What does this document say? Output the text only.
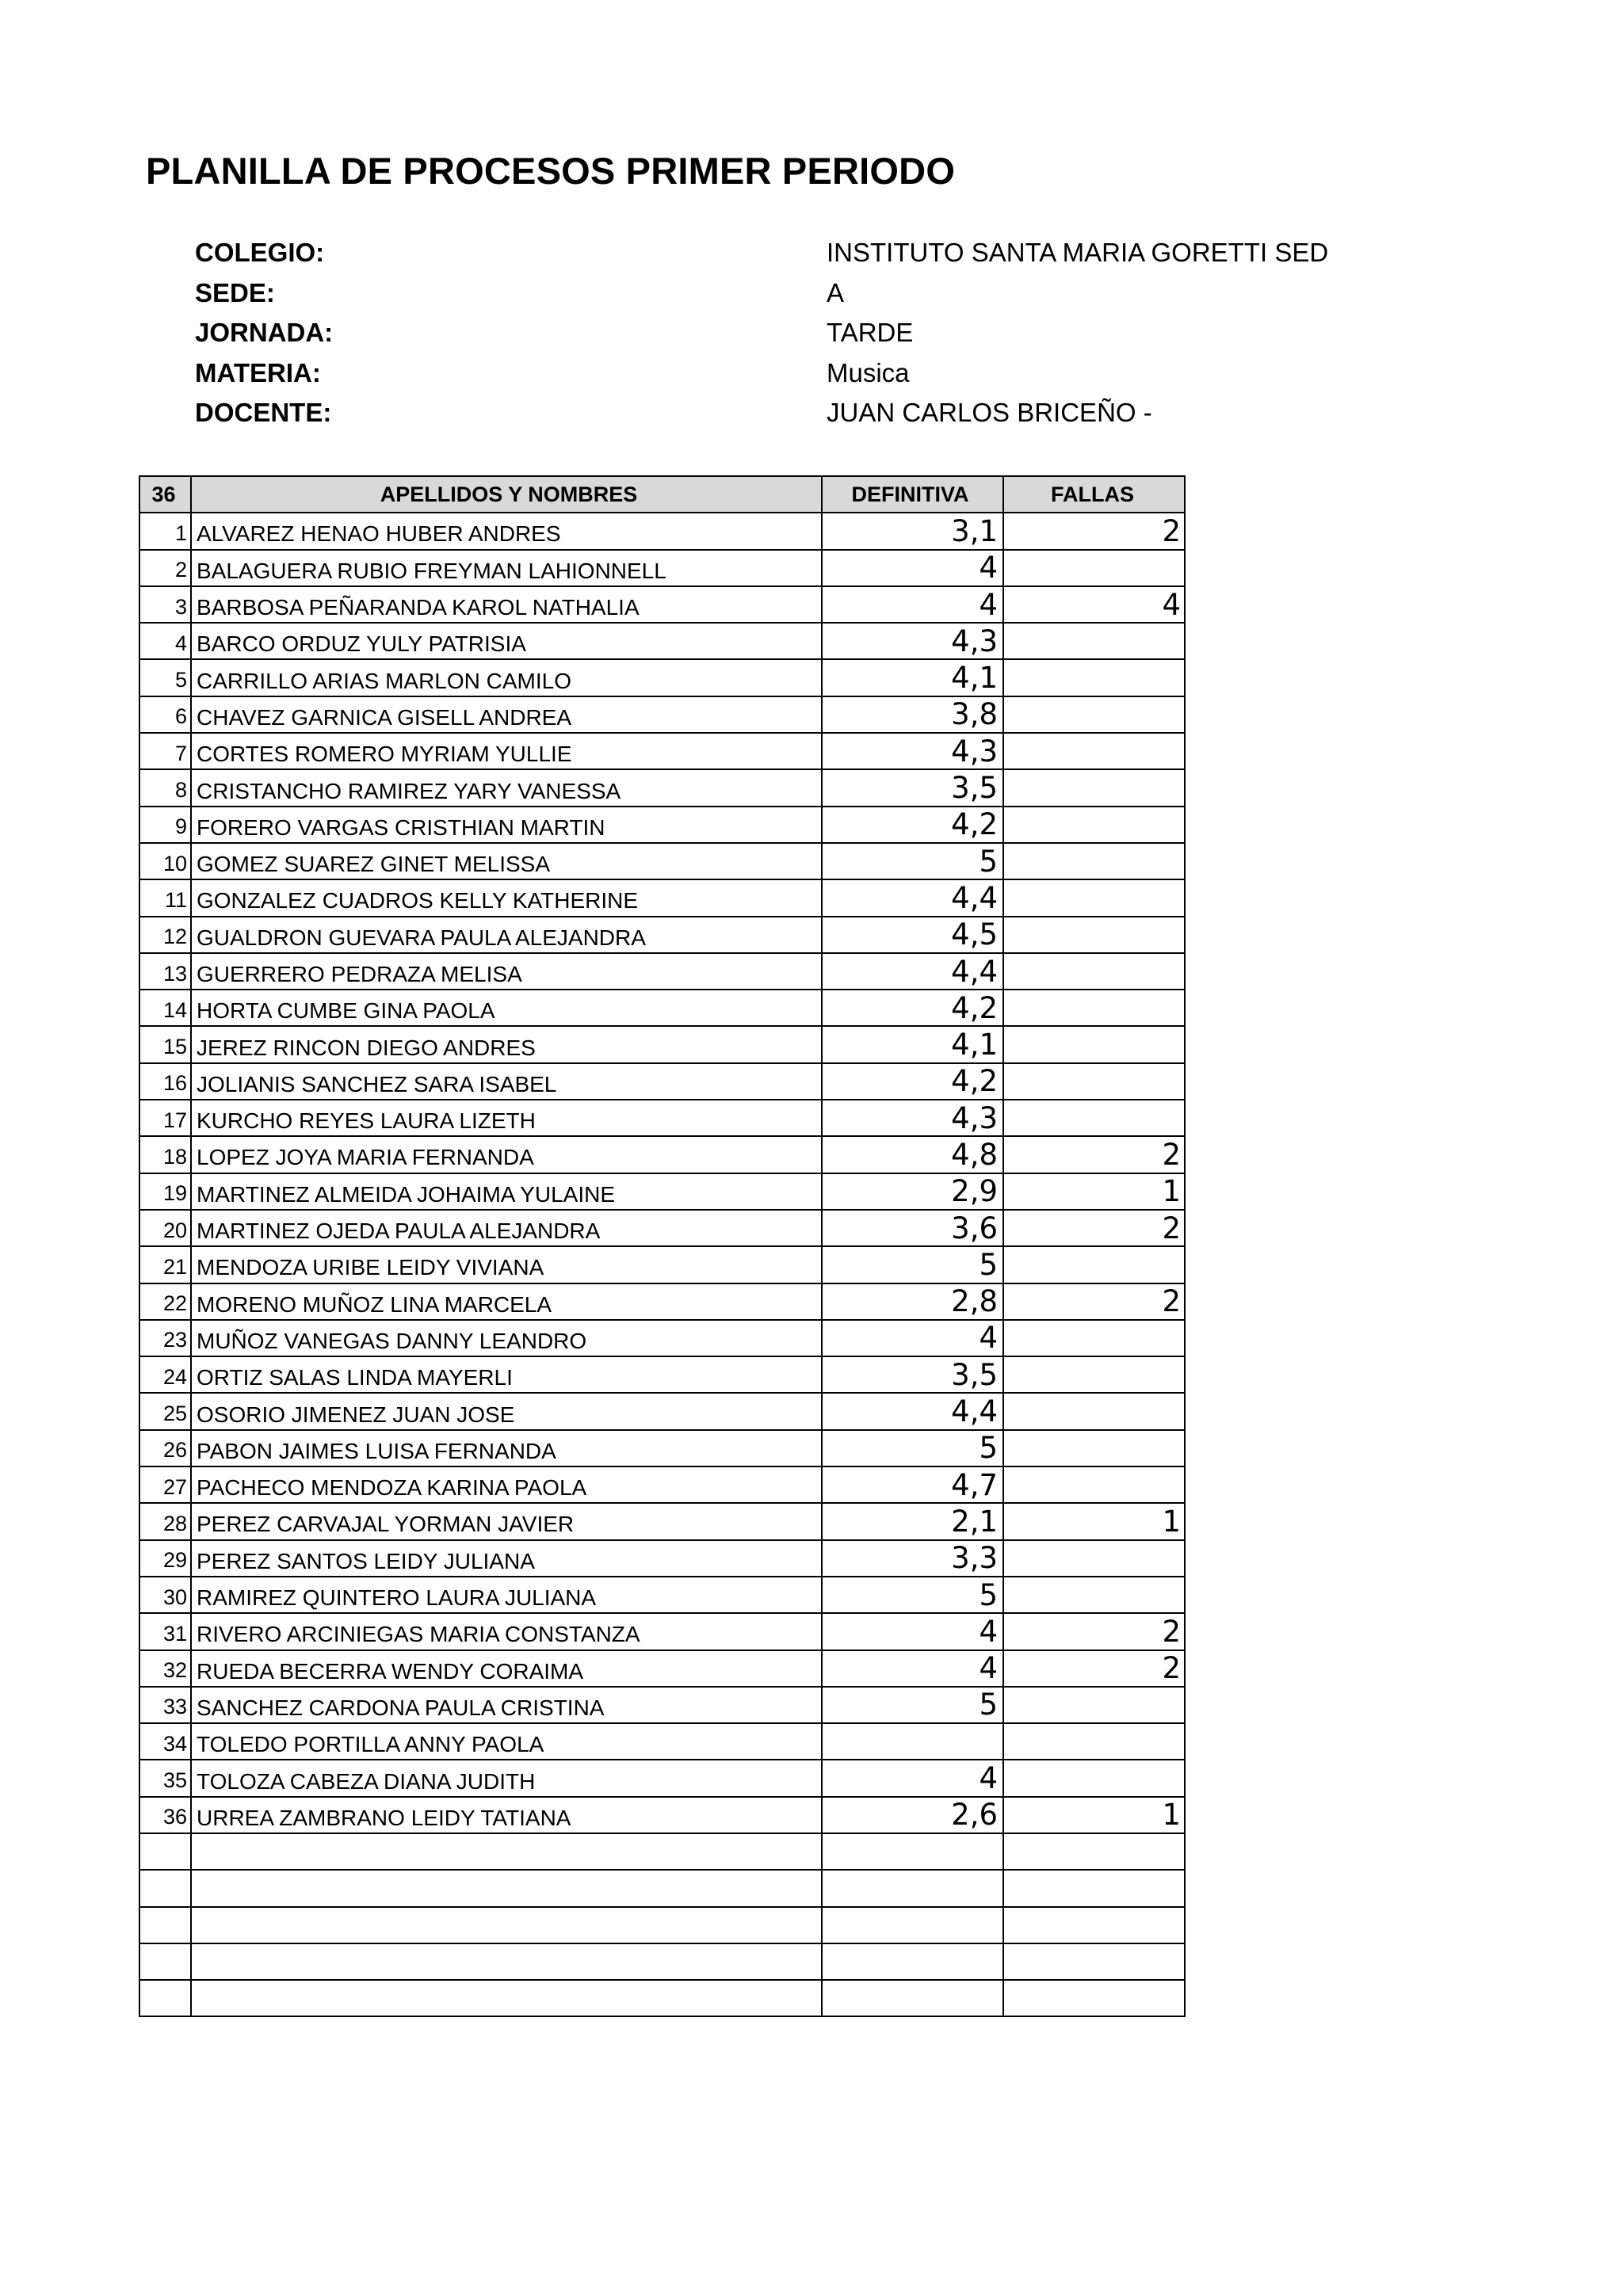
PLANILLA DE PROCESOS PRIMER PERIODO
COLEGIO:	INSTITUTO SANTA MARIA GORETTI SED
SEDE:	A
JORNADA:	TARDE
MATERIA:	Musica
DOCENTE:	JUAN CARLOS BRICEÑO -
36	APELLIDOS Y NOMBRES	DEFINITIVA	FALLAS
1	ALVAREZ HENAO HUBER ANDRES	3,1	2
2	BALAGUERA RUBIO FREYMAN LAHIONNELL	4	
3	BARBOSA PEÑARANDA KAROL NATHALIA	4	4
4	BARCO ORDUZ YULY PATRISIA	4,3	
5	CARRILLO ARIAS MARLON CAMILO	4,1	
6	CHAVEZ GARNICA GISELL ANDREA	3,8	
7	CORTES ROMERO MYRIAM YULLIE	4,3	
8	CRISTANCHO RAMIREZ YARY VANESSA	3,5	
9	FORERO VARGAS CRISTHIAN MARTIN	4,2	
10	GOMEZ SUAREZ GINET MELISSA	5	
11	GONZALEZ CUADROS KELLY KATHERINE	4,4	
12	GUALDRON GUEVARA PAULA ALEJANDRA	4,5	
13	GUERRERO PEDRAZA MELISA	4,4	
14	HORTA CUMBE GINA PAOLA	4,2	
15	JEREZ RINCON DIEGO ANDRES	4,1	
16	JOLIANIS SANCHEZ SARA ISABEL	4,2	
17	KURCHO REYES LAURA LIZETH	4,3	
18	LOPEZ JOYA MARIA FERNANDA	4,8	2
19	MARTINEZ ALMEIDA JOHAIMA YULAINE	2,9	1
20	MARTINEZ OJEDA PAULA ALEJANDRA	3,6	2
21	MENDOZA URIBE LEIDY VIVIANA	5	
22	MORENO MUÑOZ LINA MARCELA	2,8	2
23	MUÑOZ VANEGAS DANNY LEANDRO	4	
24	ORTIZ SALAS LINDA MAYERLI	3,5	
25	OSORIO JIMENEZ JUAN JOSE	4,4	
26	PABON JAIMES LUISA FERNANDA	5	
27	PACHECO MENDOZA KARINA PAOLA	4,7	
28	PEREZ CARVAJAL YORMAN JAVIER	2,1	1
29	PEREZ SANTOS LEIDY JULIANA	3,3	
30	RAMIREZ QUINTERO LAURA JULIANA	5	
31	RIVERO ARCINIEGAS MARIA CONSTANZA	4	2
32	RUEDA BECERRA WENDY CORAIMA	4	2
33	SANCHEZ CARDONA PAULA CRISTINA	5	
34	TOLEDO PORTILLA ANNY PAOLA		
35	TOLOZA CABEZA DIANA JUDITH	4	
36	URREA ZAMBRANO LEIDY TATIANA	2,6	1
